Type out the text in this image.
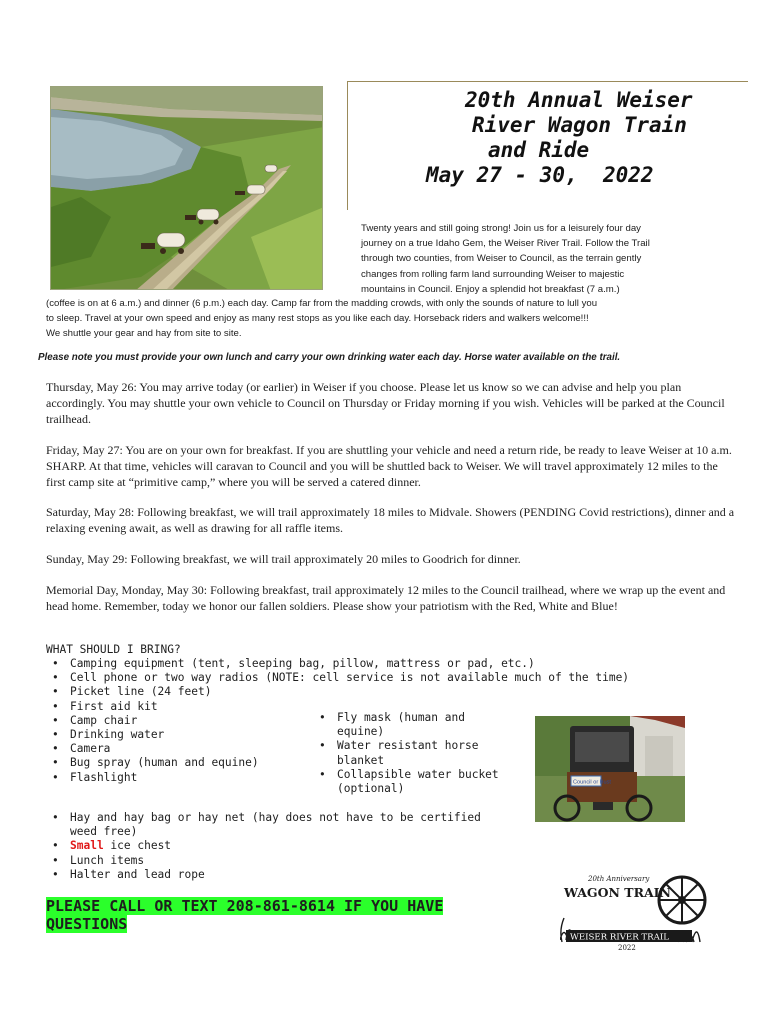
20th Annual Weiser
River Wagon Train
and Ride
May 27 - 30,  2022
Twenty years and still going strong! Join us for a leisurely four day
journey on a true Idaho Gem, the Weiser River Trail. Follow the Trail
through two counties, from Weiser to Council, as the terrain gently
changes from rolling farm land surrounding Weiser to majestic
mountains in Council. Enjoy a splendid hot breakfast (7 a.m.)
(coffee is on at 6 a.m.) and dinner (6 p.m.) each day. Camp far from the madding crowds, with only the sounds of nature to lull you
to sleep. Travel at your own speed and enjoy as many rest stops as you like each day. Horseback riders and walkers welcome!!!
We shuttle your gear and hay from site to site.
Please note you must provide your own lunch and carry your own drinking water each day. Horse water available on the trail.

Thursday, May 26: You may arrive today (or earlier) in Weiser if you choose. Please let us know so we can advise and help you plan accordingly. You may shuttle your own vehicle to Council on Thursday or Friday morning if you wish. Vehicles will be parked at the Council trailhead.

Friday, May 27: You are on your own for breakfast. If you are shuttling your vehicle and need a return ride, be ready to leave Weiser at 10 a.m. SHARP. At that time, vehicles will caravan to Council and you will be shuttled back to Weiser. We will travel approximately 12 miles to the first camp site at “primitive camp,” where you will be served a catered dinner.

Saturday, May 28: Following breakfast, we will trail approximately 18 miles to Midvale. Showers (PENDING Covid restrictions), dinner and a relaxing evening await, as well as drawing for all raffle items.

Sunday, May 29: Following breakfast, we will trail approximately 20 miles to Goodrich for dinner.

Memorial Day, Monday, May 30: Following breakfast, trail approximately 12 miles to the Council trailhead, where we wrap up the event and head home. Remember, today we honor our fallen soldiers. Please show your patriotism with the Red, White and Blue!

WHAT SHOULD I BRING?
• Camping equipment (tent, sleeping bag, pillow, mattress or pad, etc.)
• Cell phone or two way radios (NOTE: cell service is not available much of the time)
• Picket line (24 feet)
• First aid kit
• Camp chair
• Drinking water
• Camera
• Bug spray (human and equine)
• Flashlight
• Fly mask (human and equine)
• Water resistant horse blanket
• Collapsible water bucket (optional)
• Hay and hay bag or hay net (hay does not have to be certified weed free)
• Small ice chest
• Lunch items
• Halter and lead rope
Council or Bust
20th Anniversary
WAGON TRAIN
WEISER RIVER TRAIL
2022
PLEASE CALL OR TEXT 208-861-8614 IF YOU HAVE QUESTIONS
